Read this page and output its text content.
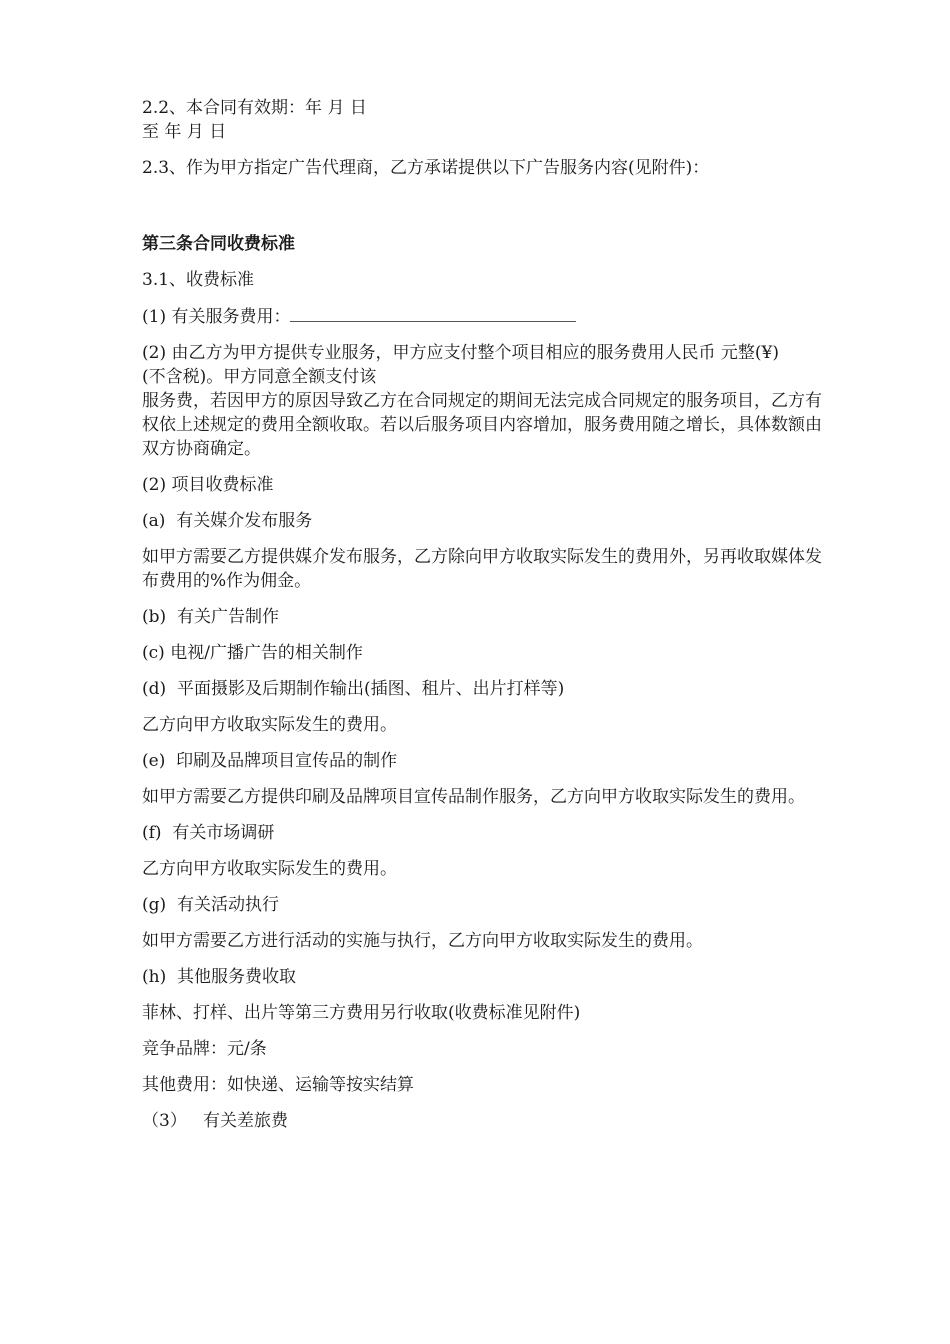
2.2、本合同有效期：年 月 日
至 年 月 日
2.3、作为甲方指定广告代理商，乙方承诺提供以下广告服务内容(见附件)：
第三条合同收费标准
3.1、收费标准
(1) 有关服务费用：
(2) 由乙方为甲方提供专业服务，甲方应支付整个项目相应的服务费用人民币 元整(¥)(不含税)。甲方同意全额支付该
服务费，若因甲方的原因导致乙方在合同规定的期间无法完成合同规定的服务项目，乙方有权依上述规定的费用全额收取。若以后服务项目内容增加，服务费用随之增长，具体数额由双方协商确定。
(2) 项目收费标准
(a)  有关媒介发布服务
如甲方需要乙方提供媒介发布服务，乙方除向甲方收取实际发生的费用外，另再收取媒体发布费用的%作为佣金。
(b)  有关广告制作
(c) 电视/广播广告的相关制作
(d)  平面摄影及后期制作输出(插图、租片、出片打样等)
乙方向甲方收取实际发生的费用。
(e)  印刷及品牌项目宣传品的制作
如甲方需要乙方提供印刷及品牌项目宣传品制作服务，乙方向甲方收取实际发生的费用。
(f)  有关市场调研
乙方向甲方收取实际发生的费用。
(g)  有关活动执行
如甲方需要乙方进行活动的实施与执行，乙方向甲方收取实际发生的费用。
(h)  其他服务费收取
菲林、打样、出片等第三方费用另行收取(收费标准见附件)
竞争品牌：元/条
其他费用：如快递、运输等按实结算
（3）   有关差旅费
